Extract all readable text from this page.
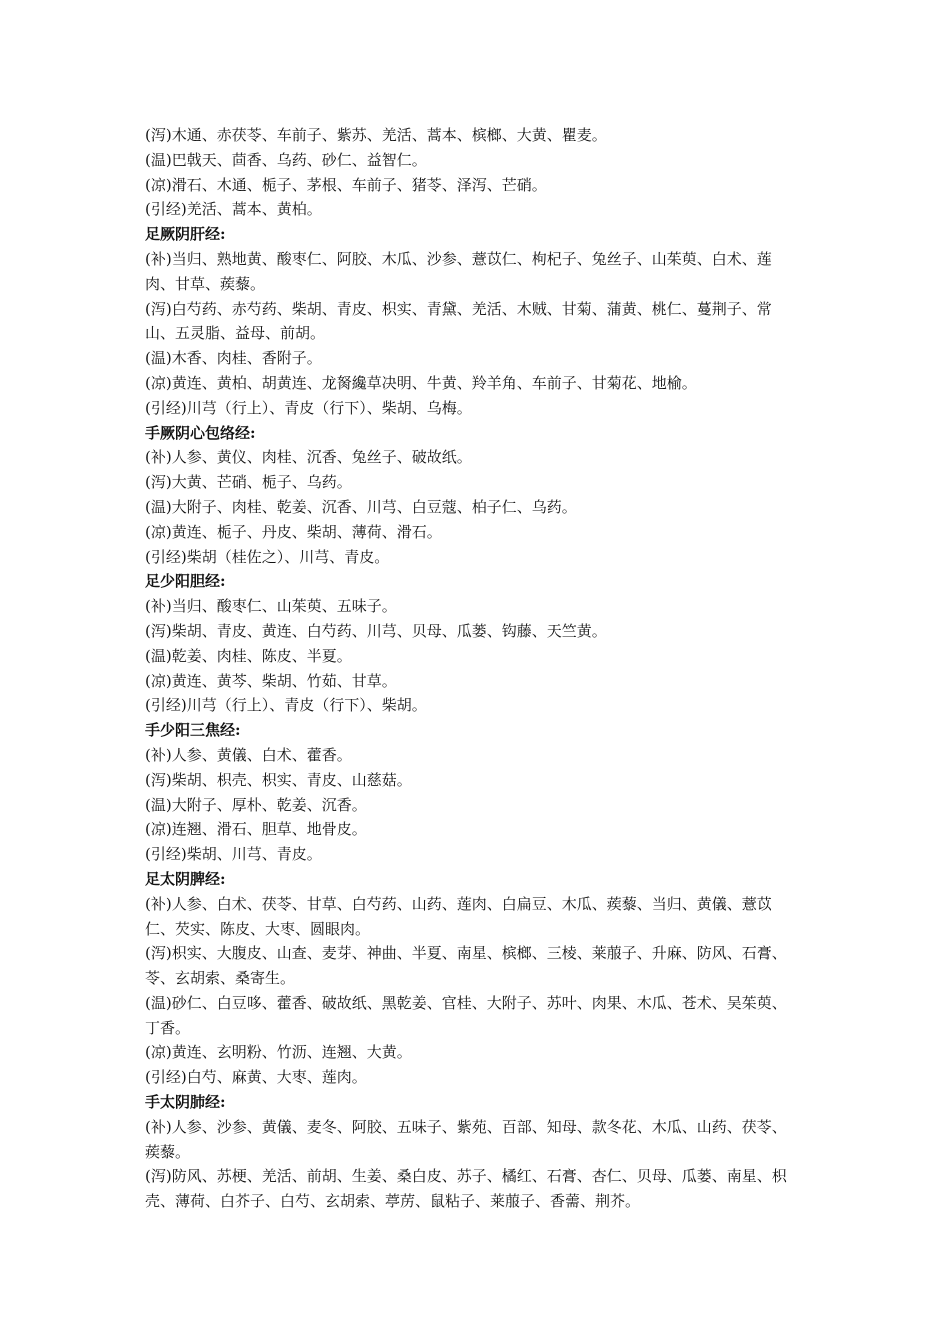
(泻)木通、赤茯苓、车前子、紫苏、羌活、蒿本、槟榔、大黄、瞿麦。
(温)巴戟天、茴香、乌药、砂仁、益智仁。
(凉)滑石、木通、栀子、茅根、车前子、猪苓、泽泻、芒硝。
(引经)羌活、蒿本、黄柏。
足厥阴肝经:
(补)当归、熟地黄、酸枣仁、阿胶、木瓜、沙参、薏苡仁、枸杞子、兔丝子、山茱萸、白术、莲
肉、甘草、蒺藜。
(泻)白芍药、赤芍药、柴胡、青皮、枳实、青黛、羌活、木贼、甘菊、蒲黄、桃仁、蔓荆子、常
山、五灵脂、益母、前胡。
(温)木香、肉桂、香附子。
(凉)黄连、黄柏、胡黄连、龙胬纔草决明、牛黄、羚羊角、车前子、甘菊花、地榆。
(引经)川芎（行上）、青皮（行下）、柴胡、乌梅。
手厥阴心包络经:
(补)人参、黄仪、肉桂、沉香、兔丝子、破故纸。
(泻)大黄、芒硝、栀子、乌药。
(温)大附子、肉桂、乾姜、沉香、川芎、白豆蔻、柏子仁、乌药。
(凉)黄连、栀子、丹皮、柴胡、薄荷、滑石。
(引经)柴胡（桂佐之）、川芎、青皮。
足少阳胆经:
(补)当归、酸枣仁、山茱萸、五味子。
(泻)柴胡、青皮、黄连、白芍药、川芎、贝母、瓜蒌、钩藤、天竺黄。
(温)乾姜、肉桂、陈皮、半夏。
(凉)黄连、黄芩、柴胡、竹茹、甘草。
(引经)川芎（行上）、青皮（行下）、柴胡。
手少阳三焦经:
(补)人参、黄儀、白术、藿香。
(泻)柴胡、枳壳、枳实、青皮、山慈菇。
(温)大附子、厚朴、乾姜、沉香。
(凉)连翘、滑石、胆草、地骨皮。
(引经)柴胡、川芎、青皮。
足太阴脾经:
(补)人参、白术、茯苓、甘草、白芍药、山药、莲肉、白扁豆、木瓜、蒺藜、当归、黄儀、薏苡
仁、芡实、陈皮、大枣、圆眼肉。
(泻)枳实、大腹皮、山查、麦芽、神曲、半夏、南星、槟榔、三棱、莱菔子、升麻、防风、石膏、
苓、玄胡索、桑寄生。
(温)砂仁、白豆哆、藿香、破故纸、黑乾姜、官桂、大附子、苏叶、肉果、木瓜、苍术、吴茱萸、
丁香。
(凉)黄连、玄明粉、竹沥、连翘、大黄。
(引经)白芍、麻黄、大枣、莲肉。
手太阴肺经:
(补)人参、沙参、黄儀、麦冬、阿胶、五味子、紫苑、百部、知母、款冬花、木瓜、山药、茯苓、
蒺藜。
(泻)防风、苏梗、羌活、前胡、生姜、桑白皮、苏子、橘红、石膏、杏仁、贝母、瓜蒌、南星、枳
壳、薄荷、白芥子、白芍、玄胡索、葶苈、鼠粘子、莱菔子、香薷、荆芥。
